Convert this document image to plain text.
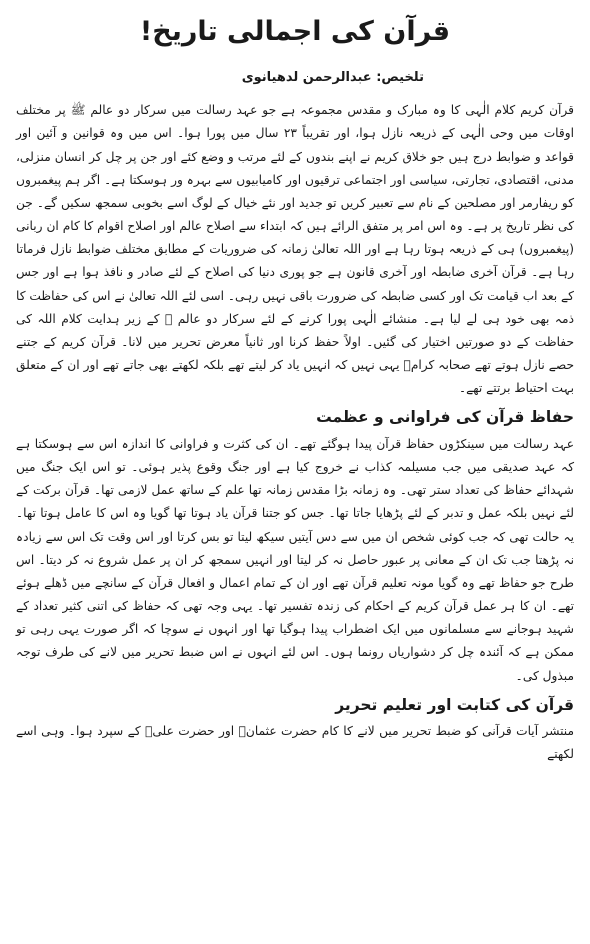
قرآن کی اجمالی تاریخ!
تلخیص: عبدالرحمن لدھیانوی

قرآن کریم کلام الٰہی کا وہ مبارک و مقدس مجموعہ ہے جو عہد رسالت میں سرکار دو عالم ﷺ پر مختلف اوقات میں وحی الٰہی کے ذریعہ نازل ہوا، اور تقریباً ۲۳ سال میں پورا ہوا۔ اس میں وہ قوانین و آئین اور قواعد و ضوابط درج ہیں جو خلاق کریم نے اپنے بندوں کے لئے مرتب و وضع کئے اور جن پر چل کر انسان منزلی، مدنی، اقتصادی، تجارتی، سیاسی اور اجتماعی ترقیوں اور کامیابیوں سے بہرہ ور ہوسکتا ہے۔ اگر ہم پیغمبروں کو ریفارمر اور مصلحین کے نام سے تعبیر کریں تو جدید اور نئے خیال کے لوگ اسے بخوبی سمجھ سکیں گے۔ جن کی نظر تاریخ پر ہے۔ وہ اس امر پر متفق الرائے ہیں کہ ابتداء سے اصلاح عالم اور اصلاح اقوام کا کام ان ربانی (پیغمبروں) ہی کے ذریعہ ہوتا رہا ہے اور اللہ تعالیٰ زمانہ کی ضروریات کے مطابق مختلف ضوابط نازل فرماتا رہا ہے۔ قرآن آخری ضابطہ اور آخری قانون ہے جو پوری دنیا کی اصلاح کے لئے صادر و نافذ ہوا ہے اور جس کے بعد اب قیامت تک اور کسی ضابطہ کی ضرورت باقی نہیں رہی۔ اسی لئے اللہ تعالیٰ نے اس کی حفاظت کا ذمہ بھی خود ہی لے لیا ہے۔ منشائے الٰہی پورا کرنے کے لئے سرکار دو عالم ﷺ کے زیر ہدایت کلام اللہ کی حفاظت کے دو صورتیں اختیار کی گئیں۔ اولاً حفظ کرنا اور ثانیاً معرض تحریر میں لانا۔ قرآن کریم کے جتنے حصے نازل ہوتے تھے صحابہ کرامؓ یہی نہیں کہ انہیں یاد کر لیتے تھے بلکہ لکھتے بھی جاتے تھے اور ان کے متعلق بہت احتیاط برتتے تھے۔

حفاظ قرآن کی فراوانی و عظمت

عہد رسالت میں سینکڑوں حفاظ قرآن پیدا ہوگئے تھے۔ ان کی کثرت و فراوانی کا اندازہ اس سے ہوسکتا ہے کہ عہد صدیقی میں جب مسیلمہ کذاب نے خروج کیا ہے اور جنگ وقوع پذیر ہوئی۔ تو اس ایک جنگ میں شہدائے حفاظ کی تعداد ستر تھی۔ وہ زمانہ بڑا مقدس زمانہ تھا علم کے ساتھ عمل لازمی تھا۔ قرآن برکت کے لئے نہیں بلکہ عمل و تدبر کے لئے پڑھایا جاتا تھا۔ جس کو جتنا قرآن یاد ہوتا تھا گویا وہ اس کا عامل ہوتا تھا۔ یہ حالت تھی کہ جب کوئی شخص ان میں سے دس آیتیں سیکھ لیتا تو بس کرتا اور اس وقت تک اس سے زیادہ نہ پڑھتا جب تک ان کے معانی پر عبور حاصل نہ کر لیتا اور انہیں سمجھ کر ان پر عمل شروع نہ کر دیتا۔ اس طرح جو حفاظ تھے وہ گویا مونہ تعلیم قرآن تھے اور ان کے تمام اعمال و افعال قرآن کے سانچے میں ڈھلے ہوئے تھے۔ ان کا ہر عمل قرآن کریم کے احکام کی زندہ تفسیر تھا۔ یہی وجہ تھی کہ حفاظ کی اتنی کثیر تعداد کے شہید ہوجانے سے مسلمانوں میں ایک اضطراب پیدا ہوگیا تھا اور انہوں نے سوچا کہ اگر صورت یہی رہی تو ممکن ہے کہ آئندہ چل کر دشواریاں رونما ہوں۔ اس لئے انہوں نے اس ضبط تحریر میں لانے کی طرف توجہ مبذول کی۔

قرآن کی کتابت اور تعلیم تحریر

منتشر آیات قرآنی کو ضبط تحریر میں لانے کا کام حضرت عثمانؓ اور حضرت علیؓ کے سپرد ہوا۔ وہی اسے لکھتے
